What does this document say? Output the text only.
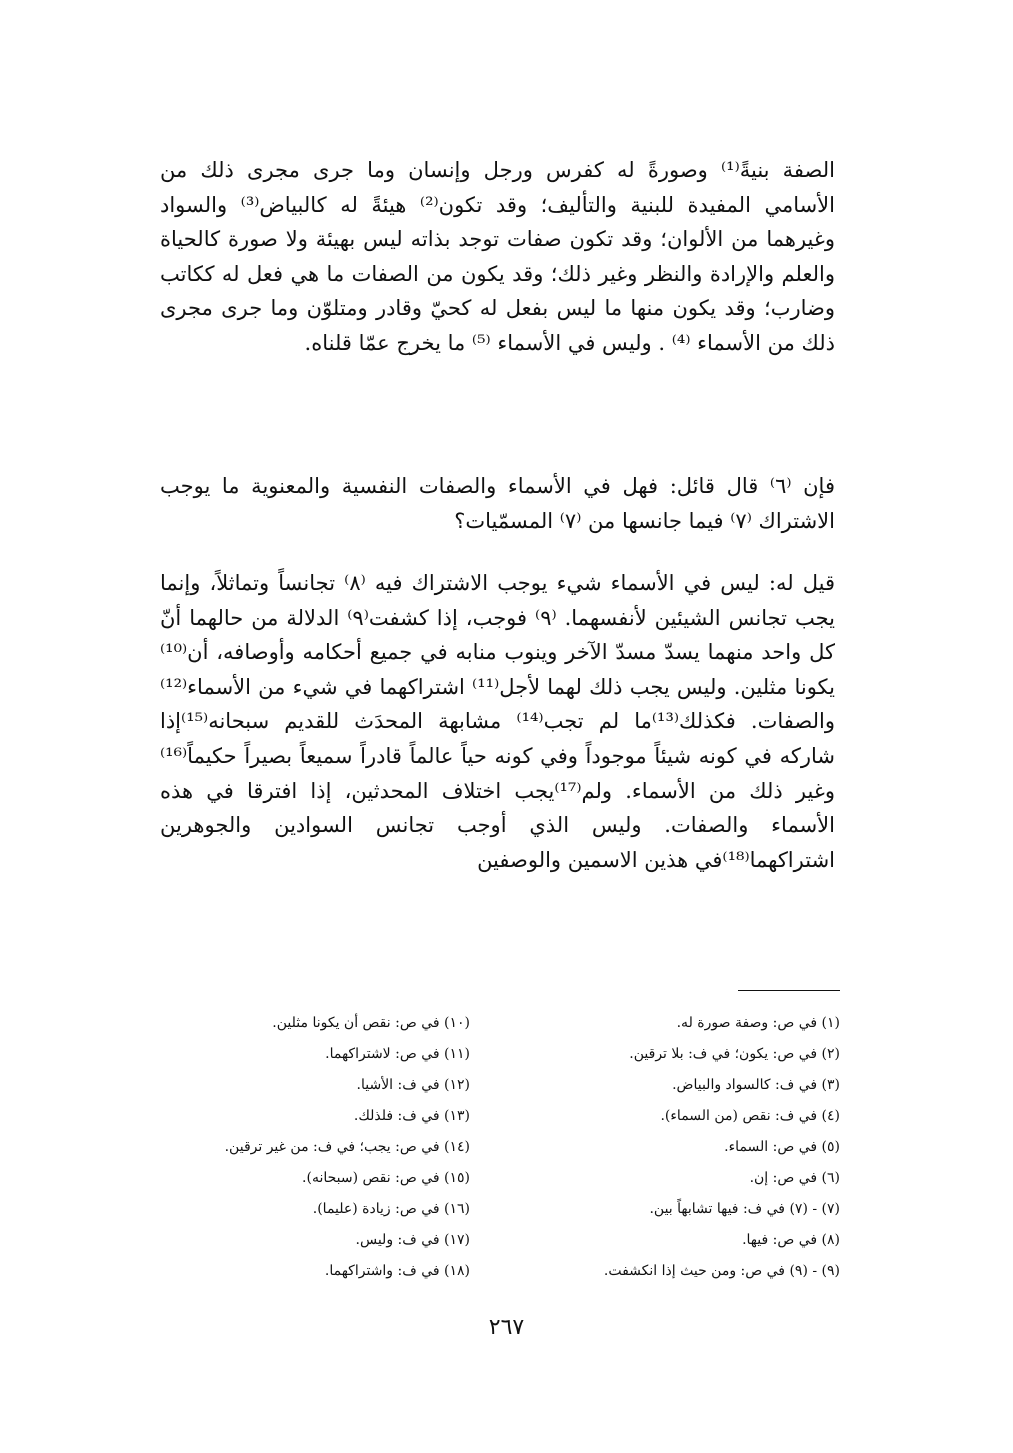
الصفة بنيةً⁽¹⁾ وصورةً له كفرس ورجل وإنسان وما جرى مجرى ذلك من الأسامي المفيدة للبنية والتأليف؛ وقد تكون⁽²⁾ هيئةً له كالبياض⁽³⁾ والسواد وغيرهما من الألوان؛ وقد تكون صفات توجد بذاته ليس بهيئة ولا صورة كالحياة والعلم والإرادة والنظر وغير ذلك؛ وقد يكون من الصفات ما هي فعل له ككاتب وضارب؛ وقد يكون منها ما ليس بفعل له كحيّ وقادر ومتلوّن وما جرى مجرى ذلك من الأسماء ⁽⁴⁾ . وليس في الأسماء ⁽⁵⁾ ما يخرج عمّا قلناه.

فإن ⁽٦⁾ قال قائل: فهل في الأسماء والصفات النفسية والمعنوية ما يوجب الاشتراك ⁽٧⁾ فيما جانسها من ⁽٧⁾ المسمّيات؟

قيل له: ليس في الأسماء شيء يوجب الاشتراك فيه ⁽٨⁾ تجانساً وتماثلاً، وإنما يجب تجانس الشيئين لأنفسهما. ⁽٩⁾ فوجب، إذا كشفت⁽٩⁾ الدلالة من حالهما أنّ كل واحد منهما يسدّ مسدّ الآخر وينوب منابه في جميع أحكامه وأوصافه، أن⁽¹⁰⁾يكونا مثلين. وليس يجب ذلك لهما لأجل⁽¹¹⁾ اشتراكهما في شيء من الأسماء⁽¹²⁾والصفات. فكذلك⁽¹³⁾ما لم تجب⁽¹⁴⁾ مشابهة المحدَث للقديم سبحانه⁽¹⁵⁾إذا شاركه في كونه شيئاً موجوداً وفي كونه حياً عالماً قادراً سميعاً بصيراً حكيماً⁽¹⁶⁾وغير ذلك من الأسماء. ولم⁽¹⁷⁾يجب اختلاف المحدثين، إذا افترقا في هذه الأسماء والصفات. وليس الذي أوجب تجانس السوادين والجوهرين اشتراكهما⁽¹⁸⁾في هذين الاسمين والوصفين

(١) في ص: وصفة صورة له.
(٢) في ص: يكون؛ في ف: بلا ترقين.
(٣) في ف: كالسواد والبياض.
(٤) في ف: نقص (من السماء).
(٥) في ص: السماء.
(٦) في ص: إن.
(٧) - (٧) في ف: فيها تشابهاً بين.
(٨) في ص: فيها.
(٩) - (٩) في ص: ومن حيث إذا انكشفت.
(١٠) في ص: نقص أن يكونا مثلين.
(١١) في ص: لاشتراكهما.
(١٢) في ف: الأشيا.
(١٣) في ف: فلذلك.
(١٤) في ص: يجب؛ في ف: من غير ترقين.
(١٥) في ص: نقص (سبحانه).
(١٦) في ص: زيادة (عليما).
(١٧) في ف: وليس.
(١٨) في ف: واشتراكهما.
٢٦٧
